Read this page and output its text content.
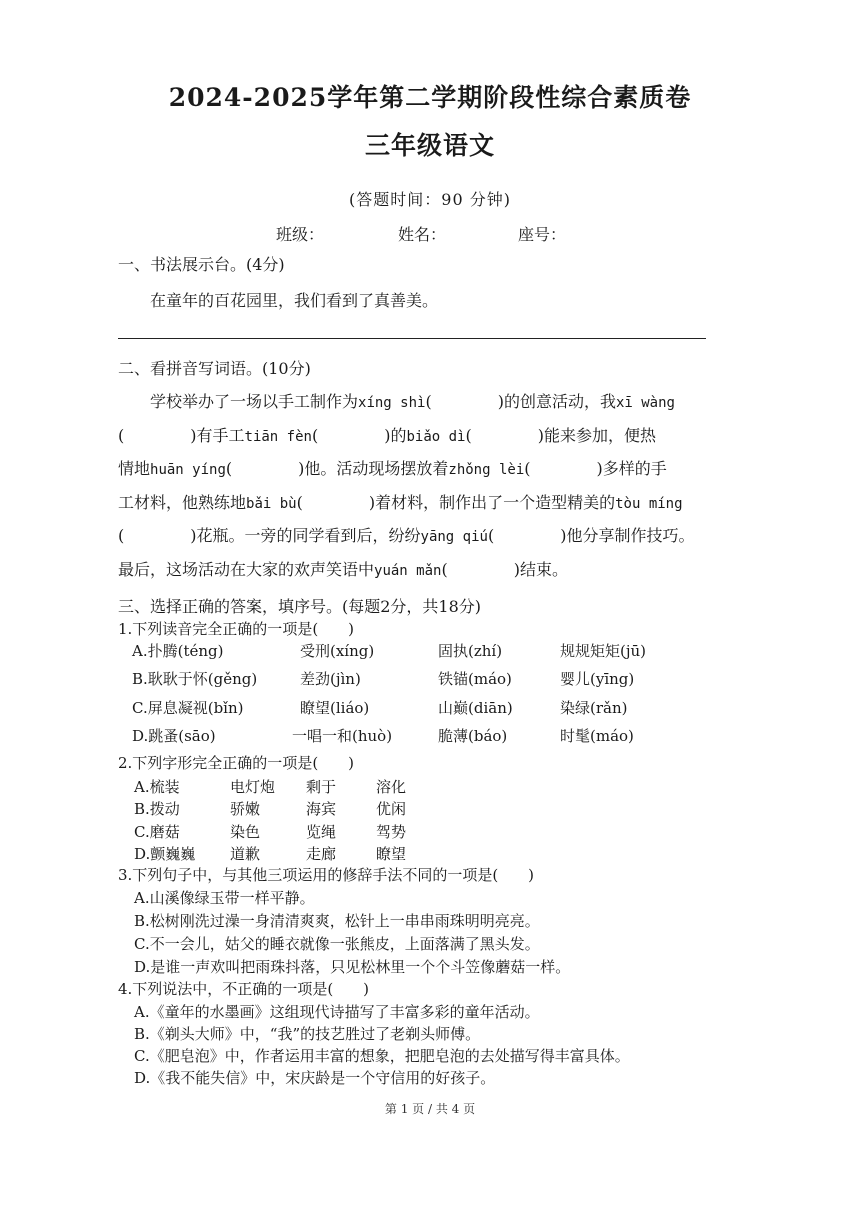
2024-2025学年第二学期阶段性综合素质卷
三年级语文
(答题时间：90 分钟)
班级：	姓名：	座号：
一、书法展示台。(4分)
在童年的百花园里，我们看到了真善美。
二、看拼音写词语。(10分)
学校举办了一场以手工制作为xíng shì(	)的创意活动，我xī wàng
(	)有手工tiān fèn(	)的biǎo dì(	)能来参加，便热
情地huān yíng(	)他。活动现场摆放着zhǒng lèi(	)多样的手
工材料，他熟练地bǎi bù(	)着材料，制作出了一个造型精美的tòu míng
(	)花瓶。一旁的同学看到后，纷纷yāng qiú(	)他分享制作技巧。
最后，这场活动在大家的欢声笑语中yuán mǎn(	)结束。
三、选择正确的答案，填序号。(每题2分，共18分)
1.下列读音完全正确的一项是(　　)
A.扑腾(téng)	受刑(xíng)	固执(zhí)	规规矩矩(jū)
B.耿耿于怀(gěng)	差劲(jìn)	铁锚(máo)	婴儿(yīng)
C.屏息凝视(bǐn)	瞭望(liáo)	山巅(diān)	染绿(rǎn)
D.跳蚤(sāo)	一唱一和(huò)	脆薄(báo)	时髦(máo)
2.下列字形完全正确的一项是(　　)
A.梳装	电灯炮 剩于	溶化
B.拨动	骄嫩	海宾	优闲
C.磨菇	染色	览绳	驾势
D.颤巍巍 道歉	走廊	瞭望
3.下列句子中，与其他三项运用的修辞手法不同的一项是(　　)
A.山溪像绿玉带一样平静。
B.松树刚洗过澡一身清清爽爽，松针上一串串雨珠明明亮亮。
C.不一会儿，姑父的睡衣就像一张熊皮，上面落满了黑头发。
D.是谁一声欢叫把雨珠抖落，只见松林里一个个斗笠像蘑菇一样。
4.下列说法中，不正确的一项是(　　)
A.《童年的水墨画》这组现代诗描写了丰富多彩的童年活动。
B.《剃头大师》中，“我”的技艺胜过了老剃头师傅。
C.《肥皂泡》中，作者运用丰富的想象，把肥皂泡的去处描写得丰富具体。
D.《我不能失信》中，宋庆龄是一个守信用的好孩子。
第 1 页 / 共 4 页
